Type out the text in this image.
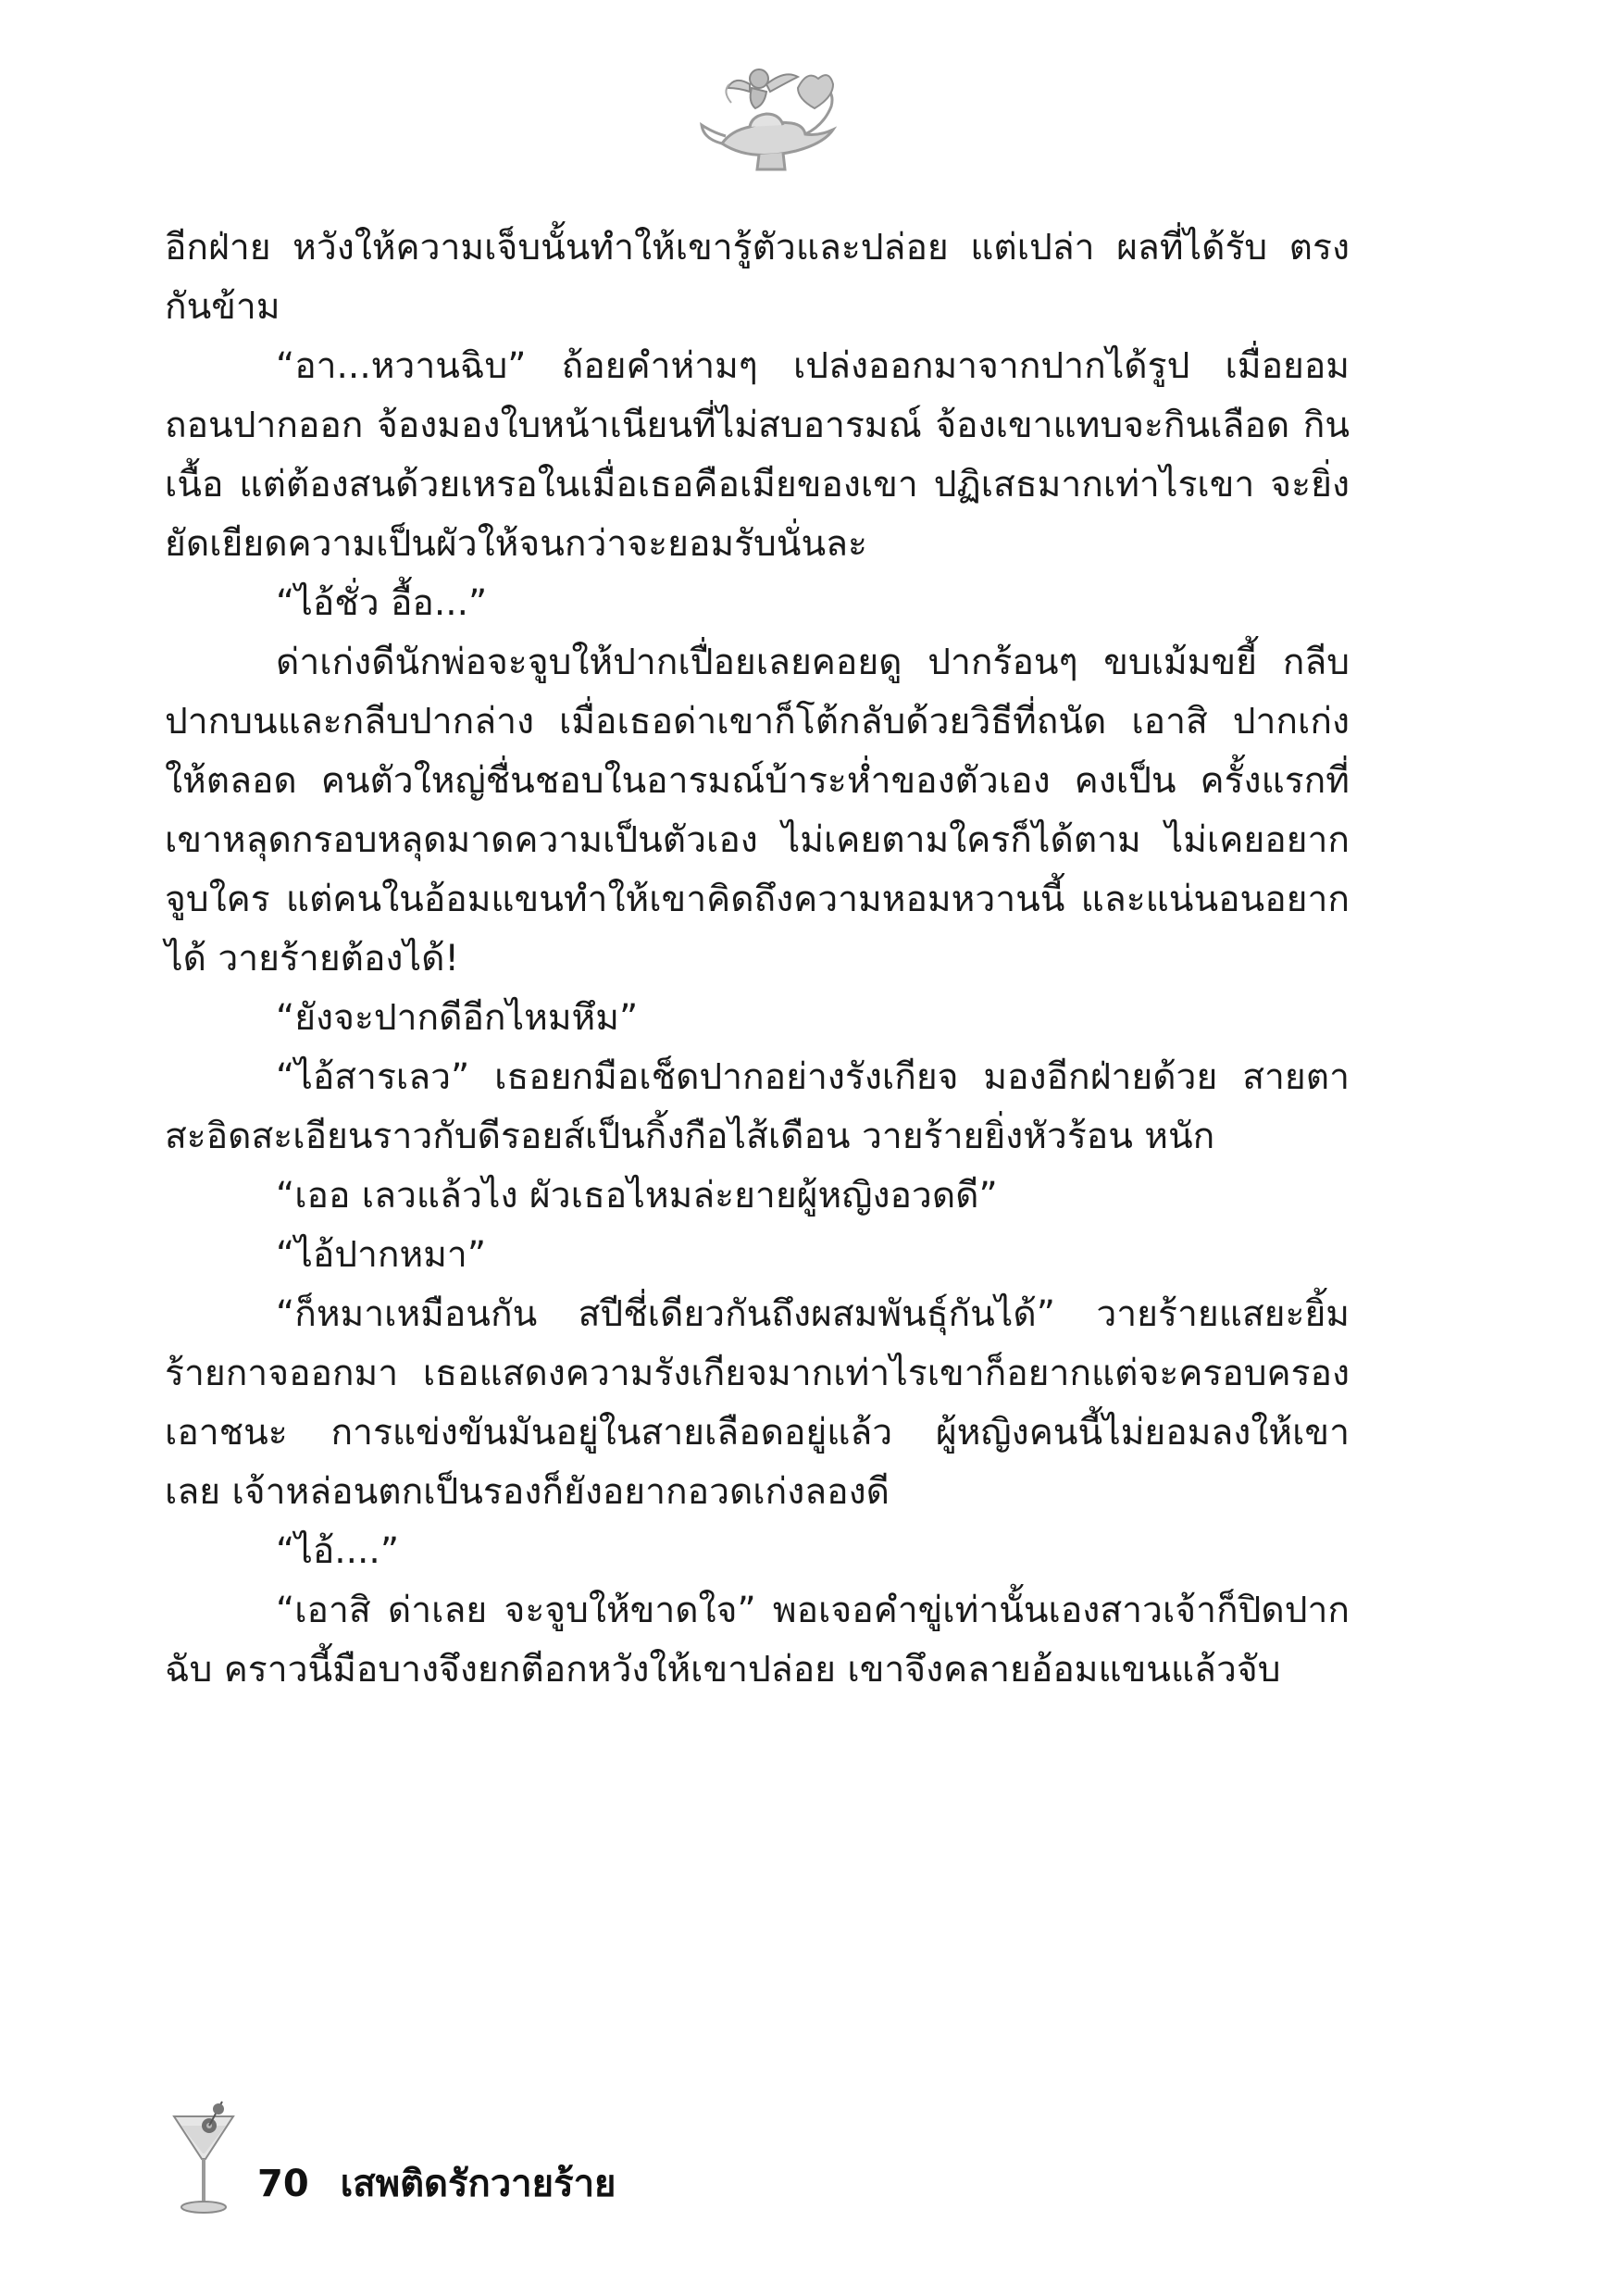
อีกฝ่าย หวังให้ความเจ็บนั้นทำให้เขารู้ตัวและปล่อย แต่เปล่า ผลที่ได้รับ ตรงกันข้าม

“อา...หวานฉิบ” ถ้อยคำห่ามๆ เปล่งออกมาจากปากได้รูป เมื่อยอม ถอนปากออก จ้องมองใบหน้าเนียนที่ไม่สบอารมณ์ จ้องเขาแทบจะกินเลือด กินเนื้อ แต่ต้องสนด้วยเหรอในเมื่อเธอคือเมียของเขา ปฏิเสธมากเท่าไรเขา จะยิ่งยัดเยียดความเป็นผัวให้จนกว่าจะยอมรับนั่นละ

“ไอ้ชั่ว อื้อ...”

ด่าเก่งดีนักพ่อจะจูบให้ปากเปื่อยเลยคอยดู ปากร้อนๆ ขบเม้มขยี้ กลีบปากบนและกลีบปากล่าง เมื่อเธอด่าเขาก็โต้กลับด้วยวิธีที่ถนัด เอาสิ ปากเก่งให้ตลอด คนตัวใหญ่ชื่นชอบในอารมณ์บ้าระห่ำของตัวเอง คงเป็น ครั้งแรกที่เขาหลุดกรอบหลุดมาดความเป็นตัวเอง ไม่เคยตามใครก็ได้ตาม ไม่เคยอยากจูบใคร แต่คนในอ้อมแขนทำให้เขาคิดถึงความหอมหวานนี้ และแน่นอนอยากได้ วายร้ายต้องได้!

“ยังจะปากดีอีกไหมหึม”

“ไอ้สารเลว” เธอยกมือเช็ดปากอย่างรังเกียจ มองอีกฝ่ายด้วย สายตาสะอิดสะเอียนราวกับดีรอยส์เป็นกิ้งกือไส้เดือน วายร้ายยิ่งหัวร้อน หนัก

“เออ เลวแล้วไง ผัวเธอไหมล่ะยายผู้หญิงอวดดี”

“ไอ้ปากหมา”

“ก็หมาเหมือนกัน สปีชี่เดียวกันถึงผสมพันธุ์กันได้” วายร้ายแสยะยิ้ม ร้ายกาจออกมา เธอแสดงความรังเกียจมากเท่าไรเขาก็อยากแต่จะครอบครอง เอาชนะ การแข่งขันมันอยู่ในสายเลือดอยู่แล้ว ผู้หญิงคนนี้ไม่ยอมลงให้เขา เลย เจ้าหล่อนตกเป็นรองก็ยังอยากอวดเก่งลองดี

“ไอ้....”

“เอาสิ ด่าเลย จะจูบให้ขาดใจ” พอเจอคำขู่เท่านั้นเองสาวเจ้าก็ปิดปาก ฉับ คราวนี้มือบางจึงยกตีอกหวังให้เขาปล่อย เขาจึงคลายอ้อมแขนแล้วจับ

70 เสพติดรักวายร้าย
